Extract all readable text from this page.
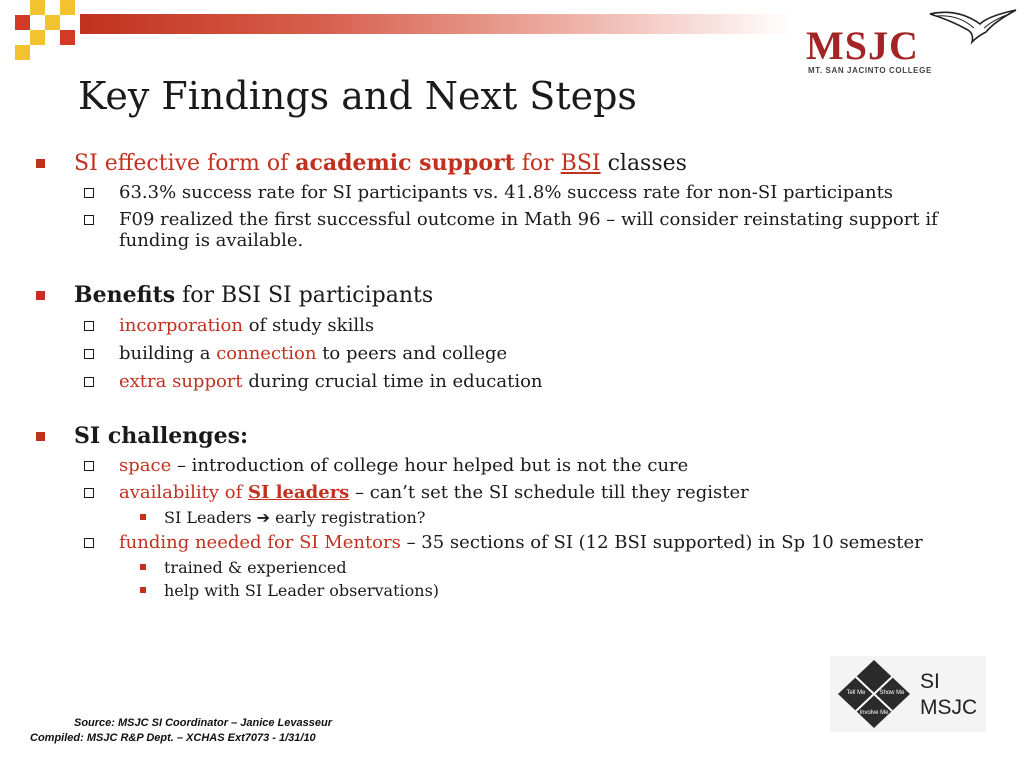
MSJC
MT. SAN JACINTO COLLEGE
Key Findings and Next Steps
SI effective form of academic support for BSI classes
63.3% success rate for SI participants vs. 41.8% success rate for non-SI participants
F09 realized the first successful outcome in Math 96 – will consider reinstating support if funding is available.
Benefits for BSI SI participants
incorporation of study skills
building a connection to peers and college
extra support during crucial time in education
SI challenges:
space – introduction of college hour helped but is not the cure
availability of SI leaders – can’t set the SI schedule till they register
SI Leaders ➔ early registration?
funding needed for SI Mentors – 35 sections of SI (12 BSI supported) in Sp 10 semester
trained & experienced
help with SI Leader observations)
Tell Me Show Me
Involve Me
SI
MSJC
Source: MSJC SI Coordinator – Janice Levasseur
Compiled: MSJC R&P Dept. – XCHAS Ext7073 - 1/31/10
